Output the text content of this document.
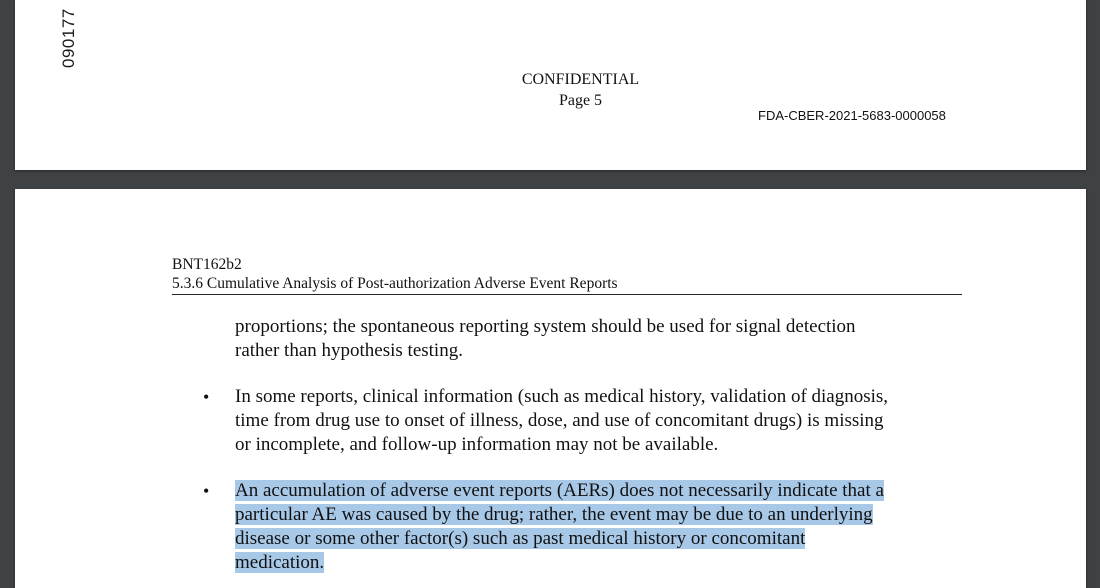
090177
CONFIDENTIAL
Page 5
FDA-CBER-2021-5683-0000058
BNT162b2
5.3.6 Cumulative Analysis of Post-authorization Adverse Event Reports

proportions; the spontaneous reporting system should be used for signal detection
rather than hypothesis testing.

• In some reports, clinical information (such as medical history, validation of diagnosis,
time from drug use to onset of illness, dose, and use of concomitant drugs) is missing
or incomplete, and follow-up information may not be available.
• An accumulation of adverse event reports (AERs) does not necessarily indicate that a
particular AE was caused by the drug; rather, the event may be due to an underlying
disease or some other factor(s) such as past medical history or concomitant
medication.
